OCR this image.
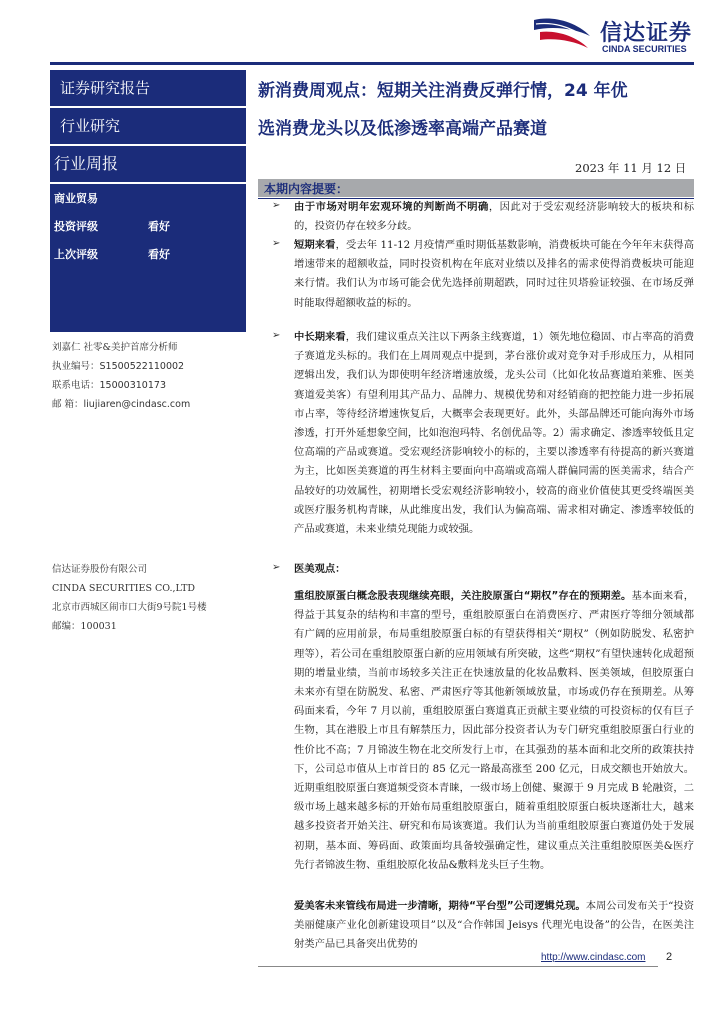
信达证券
CINDA SECURITIES
证券研究报告
行业研究
行业周报
商业贸易
投资评级	看好
上次评级	看好
刘嘉仁 社零&美护首席分析师
执业编号：S1500522110002
联系电话：15000310173
邮 箱：liujiaren@cindasc.com
信达证券股份有限公司
CINDA SECURITIES CO.,LTD
北京市西城区闹市口大街9号院1号楼
邮编：100031
新消费周观点：短期关注消费反弹行情，24 年优
选消费龙头以及低渗透率高端产品赛道
2023 年 11 月 12 日
本期内容提要：
➢ 由于市场对明年宏观环境的判断尚不明确，因此对于受宏观经济影响较大的板块和标的，投资仍存在较多分歧。
➢ 短期来看，受去年 11-12 月疫情严重时期低基数影响，消费板块可能在今年年末获得高增速带来的超额收益，同时投资机构在年底对业绩以及排名的需求使得消费板块可能迎来行情。我们认为市场可能会优先选择前期超跌，同时过往贝塔验证较强、在市场反弹时能取得超额收益的标的。
➢ 中长期来看，我们建议重点关注以下两条主线赛道，1）领先地位稳固、市占率高的消费子赛道龙头标的。我们在上周周观点中提到，茅台涨价或对竞争对手形成压力，从相同逻辑出发，我们认为即使明年经济增速放缓，龙头公司（比如化妆品赛道珀莱雅、医美赛道爱美客）有望利用其产品力、品牌力、规模优势和对经销商的把控能力进一步拓展市占率，等待经济增速恢复后，大概率会表现更好。此外，头部品牌还可能向海外市场渗透，打开外延想象空间，比如泡泡玛特、名创优品等。2）需求确定、渗透率较低且定位高端的产品或赛道。受宏观经济影响较小的标的，主要以渗透率有待提高的新兴赛道为主，比如医美赛道的再生材料主要面向中高端或高端人群偏同需的医美需求，结合产品较好的功效属性，初期增长受宏观经济影响较小，较高的商业价值使其更受终端医美或医疗服务机构青睐，从此维度出发，我们认为偏高端、需求相对确定、渗透率较低的产品或赛道，未来业绩兑现能力或较强。
➢ 医美观点：
重组胶原蛋白概念股表现继续亮眼，关注胶原蛋白“期权”存在的预期差。基本面来看，得益于其复杂的结构和丰富的型号，重组胶原蛋白在消费医疗、严肃医疗等细分领域都有广阔的应用前景，布局重组胶原蛋白标的有望获得相关“期权”（例如防脱发、私密护理等），若公司在重组胶原蛋白新的应用领域有所突破，这些“期权”有望快速转化成超预期的增量业绩，当前市场较多关注正在快速放量的化妆品敷料、医美领域，但胶原蛋白未来亦有望在防脱发、私密、严肃医疗等其他新领域放量，市场或仍存在预期差。从筹码面来看，今年 7 月以前，重组胶原蛋白赛道真正贡献主要业绩的可投资标的仅有巨子生物，其在港股上市且有解禁压力，因此部分投资者认为专门研究重组胶原蛋白行业的性价比不高；7 月锦波生物在北交所发行上市，在其强劲的基本面和北交所的政策扶持下，公司总市值从上市首日的 85 亿元一路最高涨至 200 亿元，日成交额也开始放大。近期重组胶原蛋白赛道频受资本青睐，一级市场上创健、聚源于 9 月完成 B 轮融资，二级市场上越来越多标的开始布局重组胶原蛋白，随着重组胶原蛋白板块逐渐壮大，越来越多投资者开始关注、研究和布局该赛道。我们认为当前重组胶原蛋白赛道仍处于发展初期，基本面、筹码面、政策面均具备较强确定性，建议重点关注重组胶原医美&医疗先行者锦波生物、重组胶原化妆品&敷料龙头巨子生物。
爱美客未来管线布局进一步清晰，期待“平台型”公司逻辑兑现。本周公司发布关于“投资美丽健康产业化创新建设项目”以及“合作韩国 Jeisys 代理光电设备”的公告，在医美注射类产品已具备突出优势的
http://www.cindasc.com 2
